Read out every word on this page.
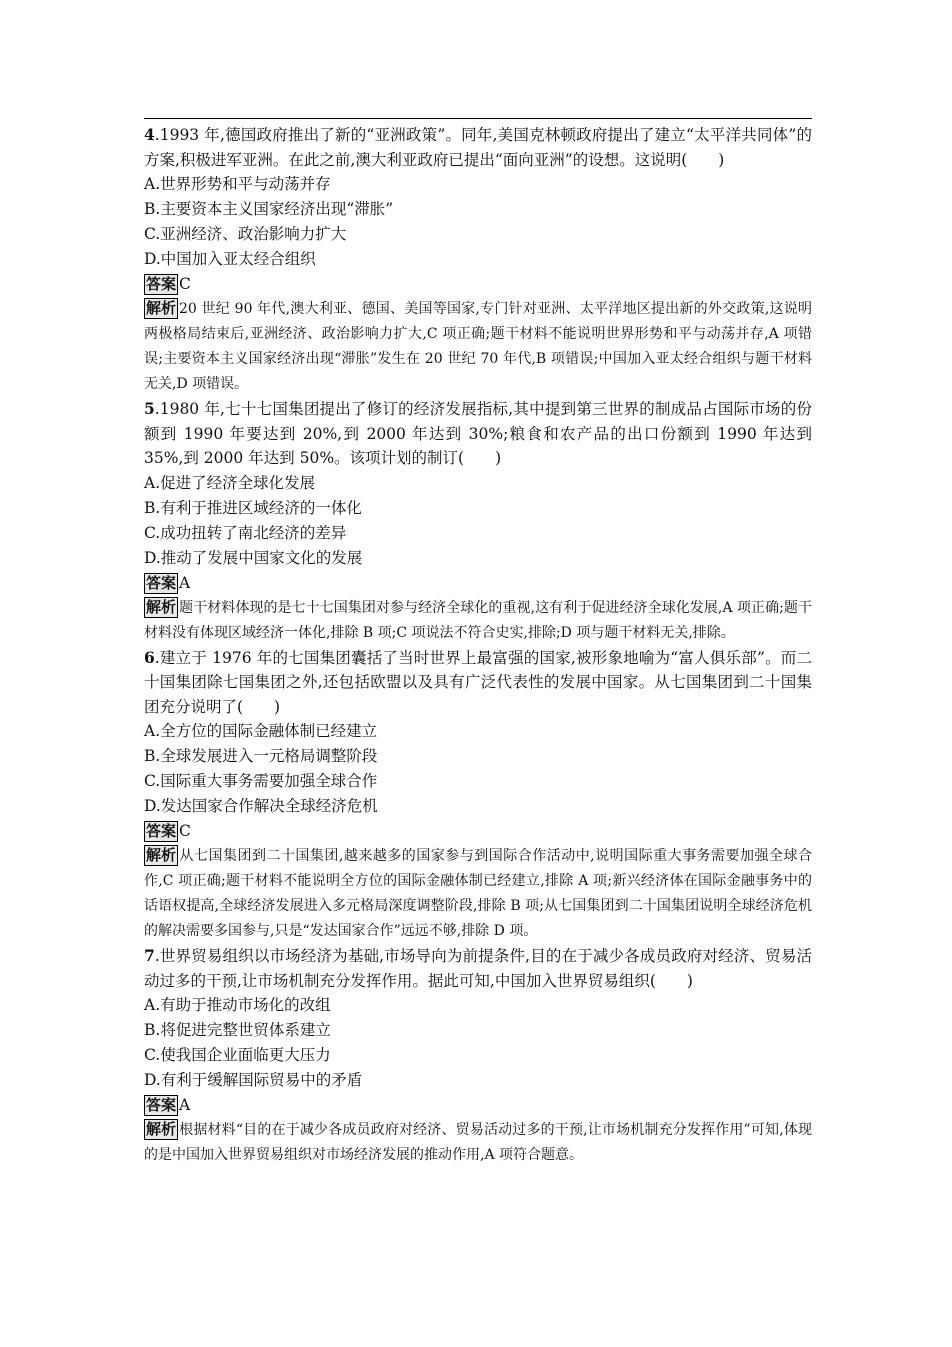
4.1993 年,德国政府推出了新的“亚洲政策”。同年,美国克林顿政府提出了建立“太平洋共同体”的方案,积极进军亚洲。在此之前,澳大利亚政府已提出“面向亚洲”的设想。这说明(　　)

A.世界形势和平与动荡并存

B.主要资本主义国家经济出现“滞胀”

C.亚洲经济、政治影响力扩大

D.中国加入亚太经合组织

答案 C

解析 20 世纪 90 年代,澳大利亚、德国、美国等国家,专门针对亚洲、太平洋地区提出新的外交政策,这说明两极格局结束后,亚洲经济、政治影响力扩大,C 项正确;题干材料不能说明世界形势和平与动荡并存,A 项错误;主要资本主义国家经济出现“滞胀”发生在 20 世纪 70 年代,B 项错误;中国加入亚太经合组织与题干材料无关,D 项错误。

5.1980 年,七十七国集团提出了修订的经济发展指标,其中提到第三世界的制成品占国际市场的份额到 1990 年要达到 20%,到 2000 年达到 30%;粮食和农产品的出口份额到 1990 年达到 35%,到 2000 年达到 50%。该项计划的制订(　　)

A.促进了经济全球化发展

B.有利于推进区域经济的一体化

C.成功扭转了南北经济的差异

D.推动了发展中国家文化的发展

答案 A

解析 题干材料体现的是七十七国集团对参与经济全球化的重视,这有利于促进经济全球化发展,A 项正确;题干材料没有体现区域经济一体化,排除 B 项;C 项说法不符合史实,排除;D 项与题干材料无关,排除。

6.建立于 1976 年的七国集团囊括了当时世界上最富强的国家,被形象地喻为“富人俱乐部”。而二十国集团除七国集团之外,还包括欧盟以及具有广泛代表性的发展中国家。从七国集团到二十国集团充分说明了(　　)

A.全方位的国际金融体制已经建立

B.全球发展进入一元格局调整阶段

C.国际重大事务需要加强全球合作

D.发达国家合作解决全球经济危机

答案 C

解析 从七国集团到二十国集团,越来越多的国家参与到国际合作活动中,说明国际重大事务需要加强全球合作,C 项正确;题干材料不能说明全方位的国际金融体制已经建立,排除 A 项;新兴经济体在国际金融事务中的话语权提高,全球经济发展进入多元格局深度调整阶段,排除 B 项;从七国集团到二十国集团说明全球经济危机的解决需要多国参与,只是“发达国家合作”远远不够,排除 D 项。

7.世界贸易组织以市场经济为基础,市场导向为前提条件,目的在于减少各成员政府对经济、贸易活动过多的干预,让市场机制充分发挥作用。据此可知,中国加入世界贸易组织(　　)

A.有助于推动市场化的改组

B.将促进完整世贸体系建立

C.使我国企业面临更大压力

D.有利于缓解国际贸易中的矛盾

答案 A

解析 根据材料“目的在于减少各成员政府对经济、贸易活动过多的干预,让市场机制充分发挥作用”可知,体现的是中国加入世界贸易组织对市场经济发展的推动作用,A 项符合题意。
